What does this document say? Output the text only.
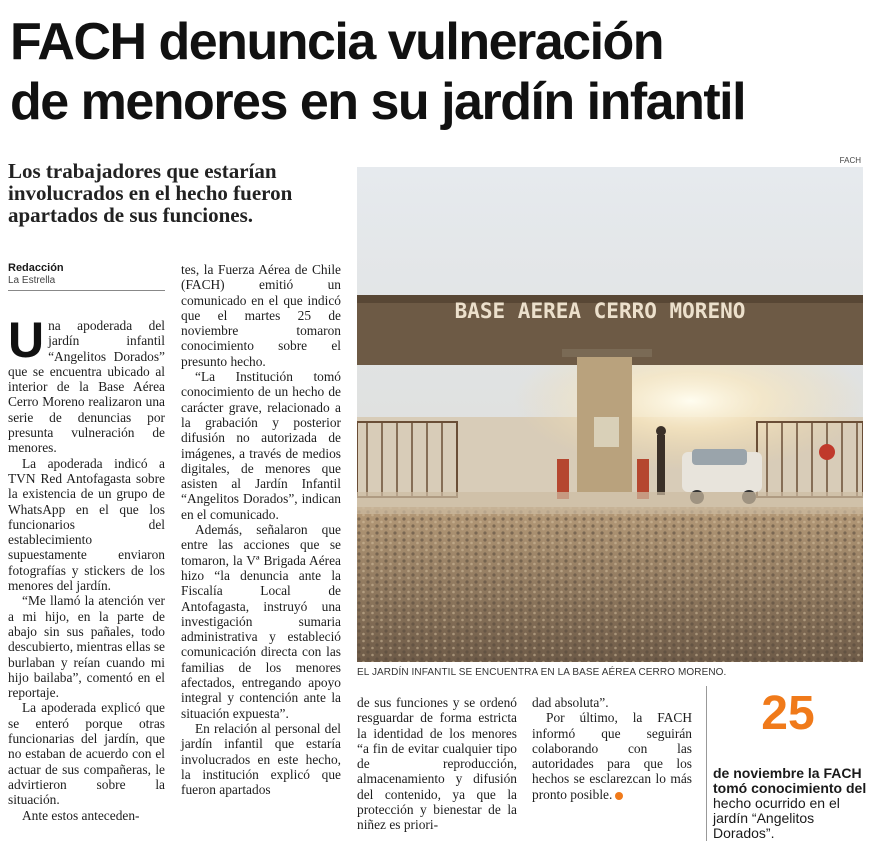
FACH denuncia vulneración
de menores en su jardín infantil

Los trabajadores que estarían involucrados en el hecho fueron apartados de sus funciones.

Redacción
La Estrella

Una apoderada del jardín infantil “Angelitos Dorados” que se encuentra ubicado al interior de la Base Aérea Cerro Moreno realizaron una serie de denuncias por presunta vulneración de menores.

La apoderada indicó a TVN Red Antofagasta sobre la existencia de un grupo de WhatsApp en el que los funcionarios del establecimiento supuestamente enviaron fotografías y stickers de los menores del jardín.

“Me llamó la atención ver a mi hijo, en la parte de abajo sin sus pañales, todo descubierto, mientras ellas se burlaban y reían cuando mi hijo bailaba”, comentó en el reportaje.

La apoderada explicó que se enteró porque otras funcionarias del jardín, que no estaban de acuerdo con el actuar de sus compañeras, le advirtieron sobre la situación.

Ante estos anteceden-

tes, la Fuerza Aérea de Chile (FACH) emitió un comunicado en el que indicó que el martes 25 de noviembre tomaron conocimiento sobre el presunto hecho.

“La Institución tomó conocimiento de un hecho de carácter grave, relacionado a la grabación y posterior difusión no autorizada de imágenes, a través de medios digitales, de menores que asisten al Jardín Infantil “Angelitos Dorados”, indican en el comunicado.

Además, señalaron que entre las acciones que se tomaron, la Vª Brigada Aérea hizo “la denuncia ante la Fiscalía Local de Antofagasta, instruyó una investigación sumaria administrativa y estableció comunicación directa con las familias de los menores afectados, entregando apoyo integral y contención ante la situación expuesta”.

En relación al personal del jardín infantil que estaría involucrados en este hecho, la institución explicó que fueron apartados

FACH
BASE AEREA CERRO MORENO
EL JARDÍN INFANTIL SE ENCUENTRA EN LA BASE AÉREA CERRO MORENO.

de sus funciones y se ordenó resguardar de forma estricta la identidad de los menores “a fin de evitar cualquier tipo de reproducción, almacenamiento y difusión del contenido, ya que la protección y bienestar de la niñez es priori-

dad absoluta”.

Por último, la FACH informó que seguirán colaborando con las autoridades para que los hechos se esclarezcan lo más pronto posible.

25
de noviembre la FACH tomó conocimiento del hecho ocurrido en el jardín “Angelitos Dorados”.
